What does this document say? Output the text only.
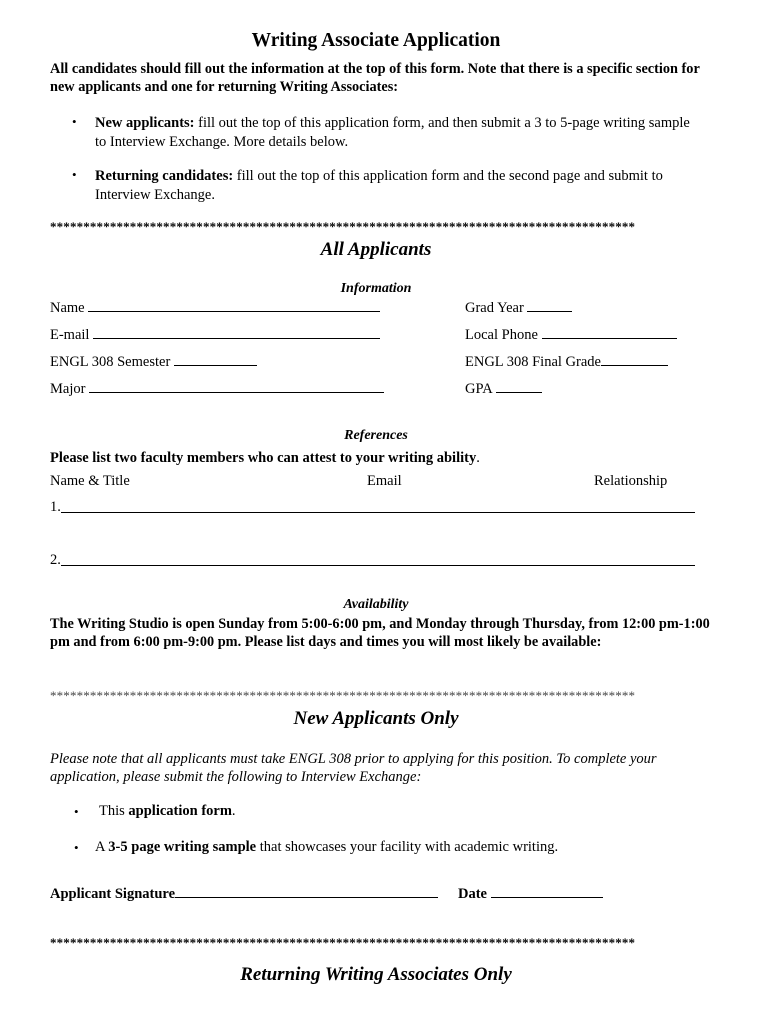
Writing Associate Application
All candidates should fill out the information at the top of this form. Note that there is a specific section for new applicants and one for returning Writing Associates:
• New applicants: fill out the top of this application form, and then submit a 3 to 5-page writing sample to Interview Exchange. More details below.
• Returning candidates: fill out the top of this application form and the second page and submit to Interview Exchange.
****************************************************************************************
All Applicants
Information
Name	Grad Year
E-mail	Local Phone
ENGL 308 Semester	ENGL 308 Final Grade
Major	GPA
References
Please list two faculty members who can attest to your writing ability.
Name & Title	Email	Relationship
1.
2.
Availability
The Writing Studio is open Sunday from 5:00-6:00 pm, and Monday through Thursday, from 12:00 pm-1:00 pm and from 6:00 pm-9:00 pm. Please list days and times you will most likely be available:
****************************************************************************************
New Applicants Only
Please note that all applicants must take ENGL 308 prior to applying for this position. To complete your application, please submit the following to Interview Exchange:
• This application form.
• A 3-5 page writing sample that showcases your facility with academic writing.
Applicant Signature	Date
****************************************************************************************
Returning Writing Associates Only
